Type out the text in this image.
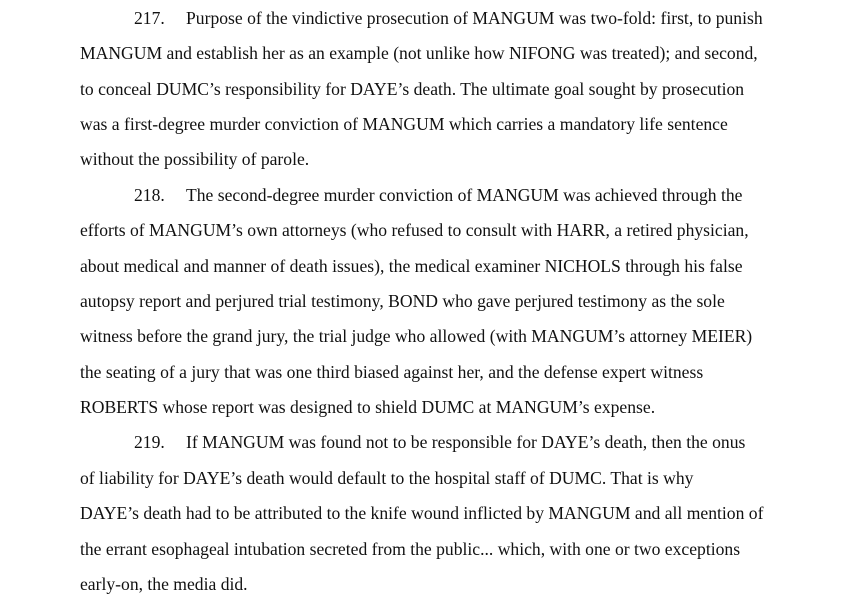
217. Purpose of the vindictive prosecution of MANGUM was two-fold: first, to punish
MANGUM and establish her as an example (not unlike how NIFONG was treated); and second,
to conceal DUMC’s responsibility for DAYE’s death. The ultimate goal sought by prosecution
was a first-degree murder conviction of MANGUM which carries a mandatory life sentence
without the possibility of parole.
218. The second-degree murder conviction of MANGUM was achieved through the
efforts of MANGUM’s own attorneys (who refused to consult with HARR, a retired physician,
about medical and manner of death issues), the medical examiner NICHOLS through his false
autopsy report and perjured trial testimony, BOND who gave perjured testimony as the sole
witness before the grand jury, the trial judge who allowed (with MANGUM’s attorney MEIER)
the seating of a jury that was one third biased against her, and the defense expert witness
ROBERTS whose report was designed to shield DUMC at MANGUM’s expense.
219. If MANGUM was found not to be responsible for DAYE’s death, then the onus
of liability for DAYE’s death would default to the hospital staff of DUMC. That is why
DAYE’s death had to be attributed to the knife wound inflicted by MANGUM and all mention of
the errant esophageal intubation secreted from the public... which, with one or two exceptions
early-on, the media did.
